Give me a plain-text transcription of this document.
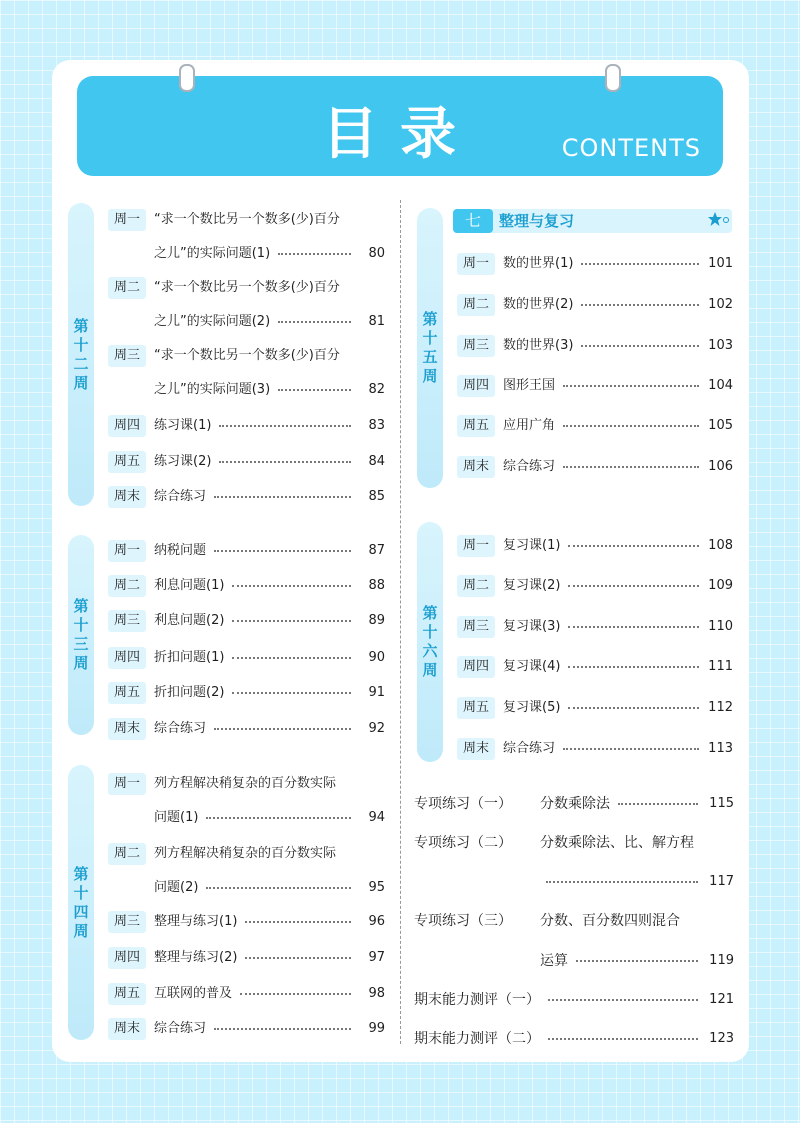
目录	CONTENTS
七	整理与复习
第
十
二
周
周一	“求一个数比另一个数多(少)百分
之儿”的实际问题(1)	80
周二	“求一个数比另一个数多(少)百分
之儿”的实际问题(2)	81
周三	“求一个数比另一个数多(少)百分
之儿”的实际问题(3)	82
周四	练习课(1)	83
周五	练习课(2)	84
周末	综合练习	85
第
十
三
周
周一	纳税问题	87
周二	利息问题(1)	88
周三	利息问题(2)	89
周四	折扣问题(1)	90
周五	折扣问题(2)	91
周末	综合练习	92
第
十
四
周
周一	列方程解决稍复杂的百分数实际
问题(1)	94
周二	列方程解决稍复杂的百分数实际
问题(2)	95
周三	整理与练习(1)	96
周四	整理与练习(2)	97
周五	互联网的普及	98
周末	综合练习	99
第
十
五
周
周一	数的世界(1)	101
周二	数的世界(2)	102
周三	数的世界(3)	103
周四	图形王国	104
周五	应用广角	105
周末	综合练习	106
第
十
六
周
周一	复习课(1)	108
周二	复习课(2)	109
周三	复习课(3)	110
周四	复习课(4)	111
周五	复习课(5)	112
周末	综合练习	113
专项练习（一） 分数乘除法	115
专项练习（二） 分数乘除法、比、解方程
117
专项练习（三） 分数、百分数四则混合
运算	119
期末能力测评（一）	121
期末能力测评（二）	123
